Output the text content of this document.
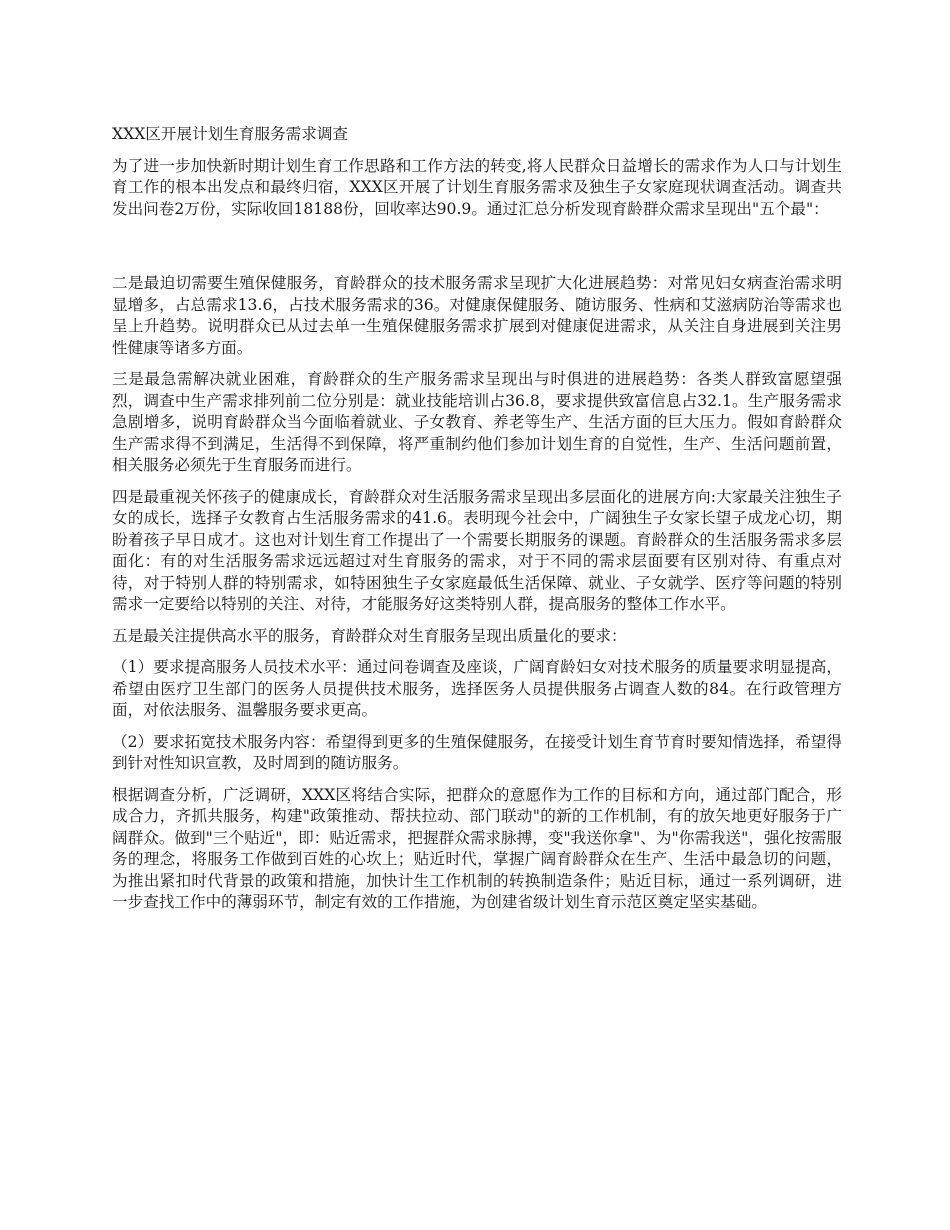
XXX区开展计划生育服务需求调查

为了进一步加快新时期计划生育工作思路和工作方法的转变,将人民群众日益增长的需求作为人口与计划生育工作的根本出发点和最终归宿，XXX区开展了计划生育服务需求及独生子女家庭现状调查活动。调查共发出问卷2万份，实际收回18188份，回收率达90.9。通过汇总分析发现育龄群众需求呈现出"五个最"：

二是最迫切需要生殖保健服务，育龄群众的技术服务需求呈现扩大化进展趋势：对常见妇女病查治需求明显增多，占总需求13.6，占技术服务需求的36。对健康保健服务、随访服务、性病和艾滋病防治等需求也呈上升趋势。说明群众已从过去单一生殖保健服务需求扩展到对健康促进需求，从关注自身进展到关注男性健康等诸多方面。

三是最急需解决就业困难，育龄群众的生产服务需求呈现出与时俱进的进展趋势：各类人群致富愿望强烈，调查中生产需求排列前二位分别是：就业技能培训占36.8，要求提供致富信息占32.1。生产服务需求急剧增多，说明育龄群众当今面临着就业、子女教育、养老等生产、生活方面的巨大压力。假如育龄群众生产需求得不到满足，生活得不到保障，将严重制约他们参加计划生育的自觉性，生产、生活问题前置，相关服务必须先于生育服务而进行。

四是最重视关怀孩子的健康成长，育龄群众对生活服务需求呈现出多层面化的进展方向:大家最关注独生子女的成长，选择子女教育占生活服务需求的41.6。表明现今社会中，广阔独生子女家长望子成龙心切，期盼着孩子早日成才。这也对计划生育工作提出了一个需要长期服务的课题。育龄群众的生活服务需求多层面化：有的对生活服务需求远远超过对生育服务的需求，对于不同的需求层面要有区别对待、有重点对待，对于特别人群的特别需求，如特困独生子女家庭最低生活保障、就业、子女就学、医疗等问题的特别需求一定要给以特别的关注、对待，才能服务好这类特别人群，提高服务的整体工作水平。

五是最关注提供高水平的服务，育龄群众对生育服务呈现出质量化的要求：

（1）要求提高服务人员技术水平：通过问卷调查及座谈，广阔育龄妇女对技术服务的质量要求明显提高，希望由医疗卫生部门的医务人员提供技术服务，选择医务人员提供服务占调查人数的84。在行政管理方面，对依法服务、温馨服务要求更高。

（2）要求拓宽技术服务内容：希望得到更多的生殖保健服务，在接受计划生育节育时要知情选择，希望得到针对性知识宣教，及时周到的随访服务。

根据调查分析，广泛调研，XXX区将结合实际，把群众的意愿作为工作的目标和方向，通过部门配合，形成合力，齐抓共服务，构建"政策推动、帮扶拉动、部门联动"的新的工作机制，有的放矢地更好服务于广阔群众。做到"三个贴近"，即：贴近需求，把握群众需求脉搏，变"我送你拿"、为"你需我送"，强化按需服务的理念，将服务工作做到百姓的心坎上；贴近时代，掌握广阔育龄群众在生产、生活中最急切的问题，为推出紧扣时代背景的政策和措施，加快计生工作机制的转换制造条件；贴近目标，通过一系列调研，进一步查找工作中的薄弱环节，制定有效的工作措施，为创建省级计划生育示范区奠定坚实基础。
